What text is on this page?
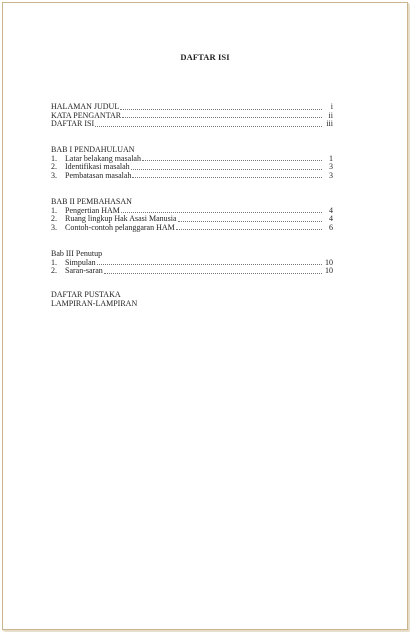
DAFTAR ISI
HALAMAN JUDUL	i
KATA PENGANTAR	ii
DAFTAR ISI	iii
BAB I PENDAHULUAN
1.	Latar belakang masalah	1
2.	Identifikasi masalah	3
3.	Pembatasan masalah	3
BAB II PEMBAHASAN
1.	Pengertian HAM	4
2.	Ruang lingkup Hak Asasi Manusia	4
3.	Contoh-contoh pelanggaran HAM	6
Bab III Penutup
1.	Simpulan	10
2.	Saran-saran	10
DAFTAR PUSTAKA
LAMPIRAN-LAMPIRAN
